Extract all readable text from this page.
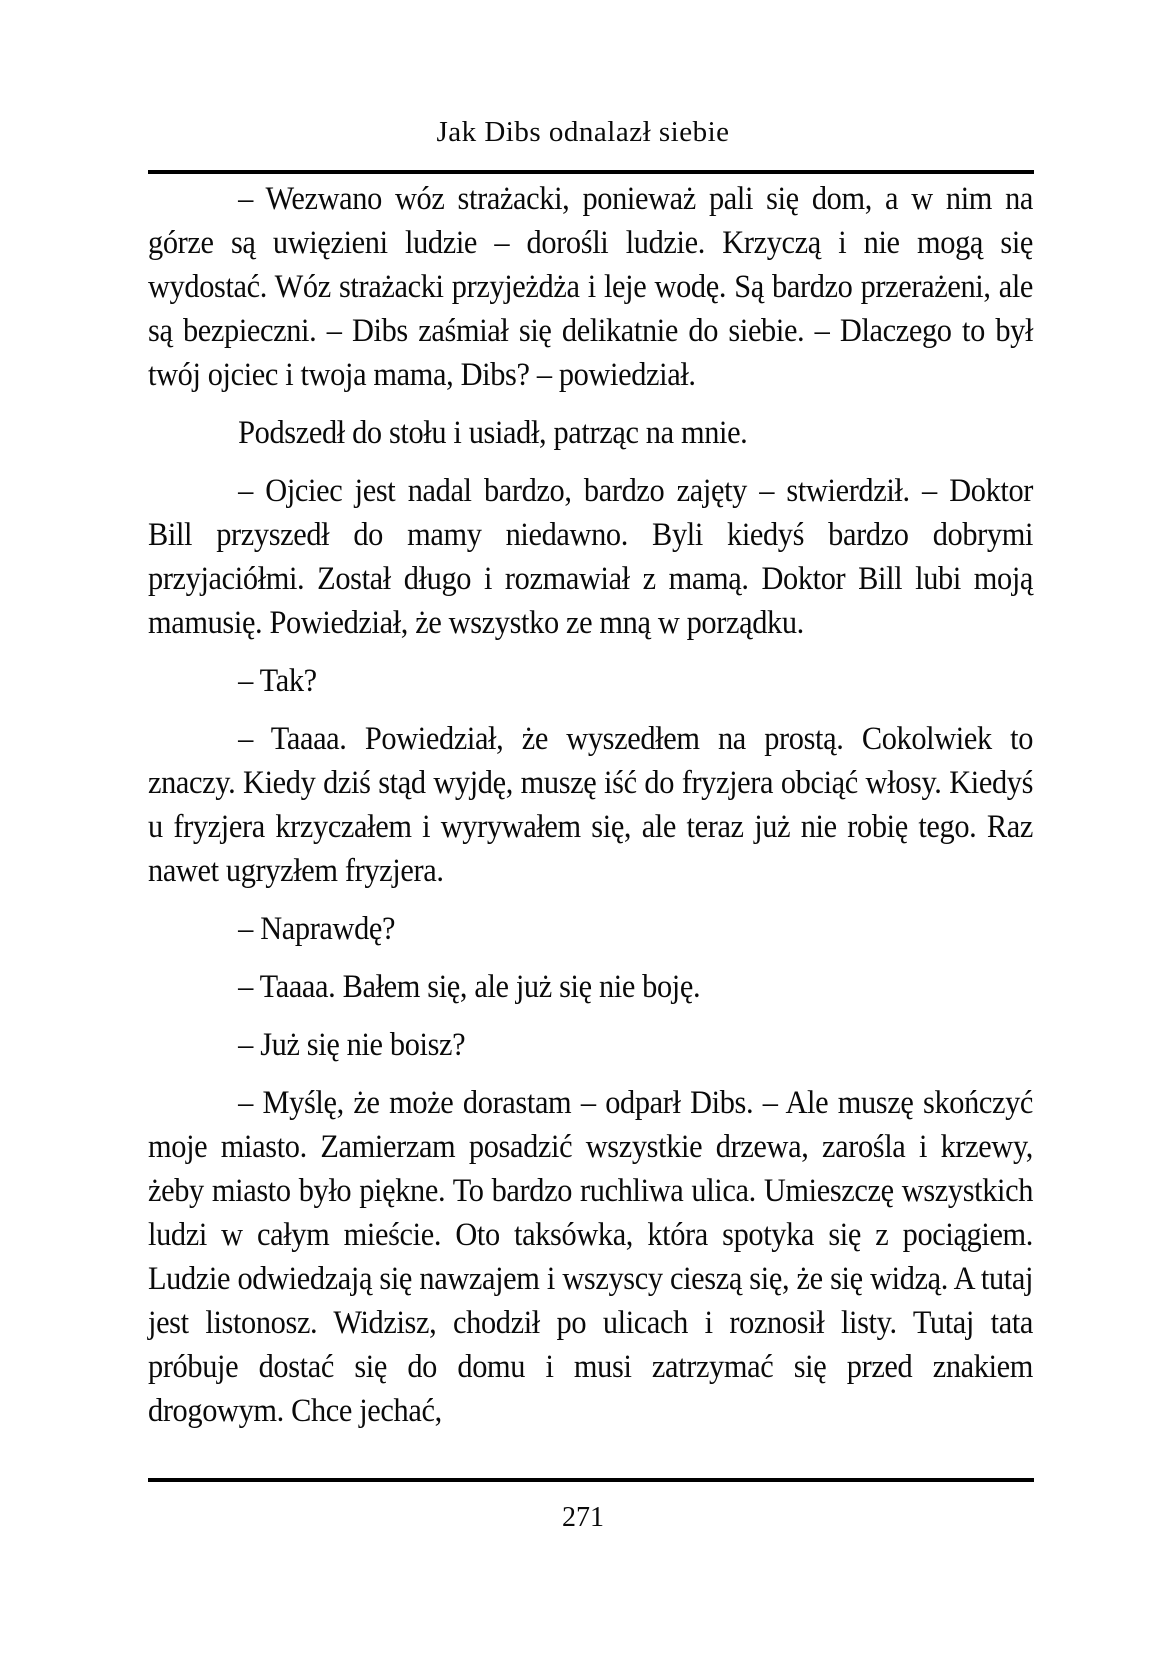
Jak Dibs odnalazł siebie

– Wezwano wóz strażacki, ponieważ pali się dom, a w nim na górze są uwięzieni ludzie – dorośli ludzie. Krzyczą i nie mogą się wydostać. Wóz strażacki przyjeżdża i leje wodę. Są bardzo przerażeni, ale są bezpieczni. – Dibs zaśmiał się delikatnie do siebie. – Dlaczego to był twój ojciec i twoja mama, Dibs? – powiedział.

Podszedł do stołu i usiadł, patrząc na mnie.

– Ojciec jest nadal bardzo, bardzo zajęty – stwierdził. – Doktor Bill przyszedł do mamy niedawno. Byli kiedyś bardzo dobrymi przyjaciółmi. Został długo i rozmawiał z mamą. Doktor Bill lubi moją mamusię. Powiedział, że wszystko ze mną w porządku.

– Tak?

– Taaaa. Powiedział, że wyszedłem na prostą. Cokolwiek to znaczy. Kiedy dziś stąd wyjdę, muszę iść do fryzjera obciąć włosy. Kiedyś u fryzjera krzyczałem i wyrywałem się, ale teraz już nie robię tego. Raz nawet ugryzłem fryzjera.

– Naprawdę?

– Taaaa. Bałem się, ale już się nie boję.

– Już się nie boisz?

– Myślę, że może dorastam – odparł Dibs. – Ale muszę skończyć moje miasto. Zamierzam posadzić wszystkie drzewa, zarośla i krzewy, żeby miasto było piękne. To bardzo ruchliwa ulica. Umieszczę wszystkich ludzi w całym mieście. Oto taksówka, która spotyka się z pociągiem. Ludzie odwiedzają się nawzajem i wszyscy cieszą się, że się widzą. A tutaj jest listonosz. Widzisz, chodził po ulicach i roznosił listy. Tutaj tata próbuje dostać się do domu i musi zatrzymać się przed znakiem drogowym. Chce jechać,

271
